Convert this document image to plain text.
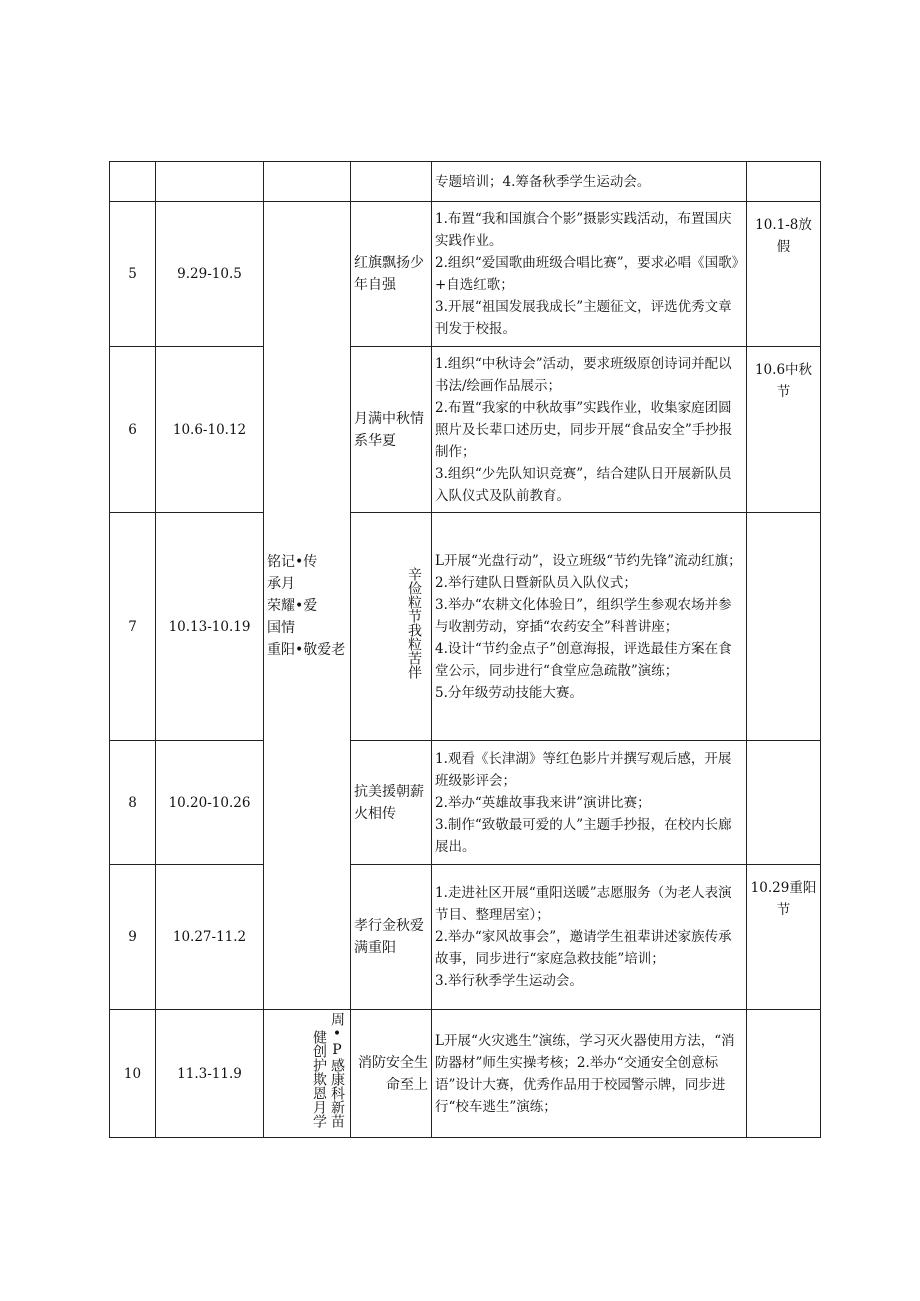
				专题培训；4.筹备秋季学生运动会。	

5	9.29-10.5	铭记•传
承月
荣耀•爱
国情
重阳•敬爱老	红旗飘扬少年自强	1.布置“我和国旗合个影”摄影实践活动，布置国庆实践作业。
2.组织“爱国歌曲班级合唱比赛”，要求必唱《国歌》+自选红歌；
3.开展“祖国发展我成长”主题征文，评选优秀文章刊发于校报。	10.1-8放假
6	10.6-10.12		月满中秋情系华夏	1.组织“中秋诗会”活动，要求班级原创诗词并配以书法/绘画作品展示；
2.布置“我家的中秋故事”实践作业，收集家庭团圆照片及长辈口述历史，同步开展“食品安全”手抄报制作；
3.组织“少先队知识竞赛”，结合建队日开展新队员入队仪式及队前教育。	10.6中秋节
7	10.13-10.19		辛俭粒节我粒苦伴	L开展“光盘行动”，设立班级“节约先锋”流动红旗；
2.举行建队日暨新队员入队仪式；
3.举办“农耕文化体验日”，组织学生参观农场并参与收割劳动，穿插“农药安全”科普讲座；
4.设计“节约金点子”创意海报，评选最佳方案在食堂公示，同步进行“食堂应急疏散”演练；
5.分年级劳动技能大赛。	

8	10.20-10.26		抗美援朝薪火相传	1.观看《长津湖》等红色影片并撰写观后感，开展班级影评会；
2.举办“英雄故事我来讲”演讲比赛；
3.制作“致敬最可爱的人”主题手抄报，在校内长廊展出。	

9	10.27-11.2		孝行金秋爱满重阳	1.走进社区开展“重阳送暖”志愿服务（为老人表演节目、整理居室）；
2.举办“家风故事会”，邀请学生祖辈讲述家族传承故事，同步进行“家庭急救技能”培训；
3.举行秋季学生运动会。	10.29重阳节
10	11.3-11.9	健创护欺恩月学 周•P感康科新苗	消防安全生命至上	L开展“火灾逃生”演练，学习灭火器使用方法，“消防器材”师生实操考核；2.举办“交通安全创意标语”设计大赛，优秀作品用于校园警示牌，同步进行“校车逃生”演练；	
